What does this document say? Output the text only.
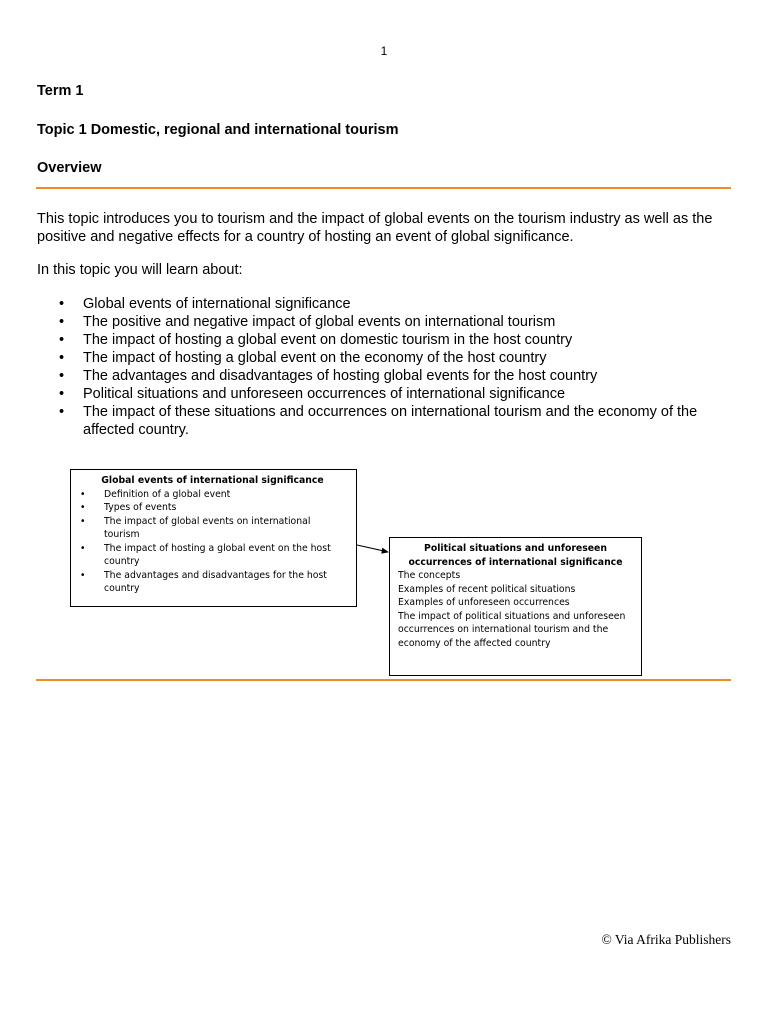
1
Term 1
Topic 1 Domestic, regional and international tourism
Overview

This topic introduces you to tourism and the impact of global events on the tourism industry as well as the positive and negative effects for a country of hosting an event of global significance.

In this topic you will learn about:

• Global events of international significance
• The positive and negative impact of global events on international tourism
• The impact of hosting a global event on domestic tourism in the host country
• The impact of hosting a global event on the economy of the host country
• The advantages and disadvantages of hosting global events for the host country
• Political situations and unforeseen occurrences of international significance
• The impact of these situations and occurrences on international tourism and the economy of the affected country.

Global events of international significance

• Definition of a global event
• Types of events
• The impact of global events on international tourism
• The impact of hosting a global event on the host country
• The advantages and disadvantages for the host country

Political situations and unforeseen occurrences of international significance

The concepts
Examples of recent political situations
Examples of unforeseen occurrences
The impact of political situations and unforeseen occurrences on international tourism and the economy of the affected country
© Via Afrika Publishers
